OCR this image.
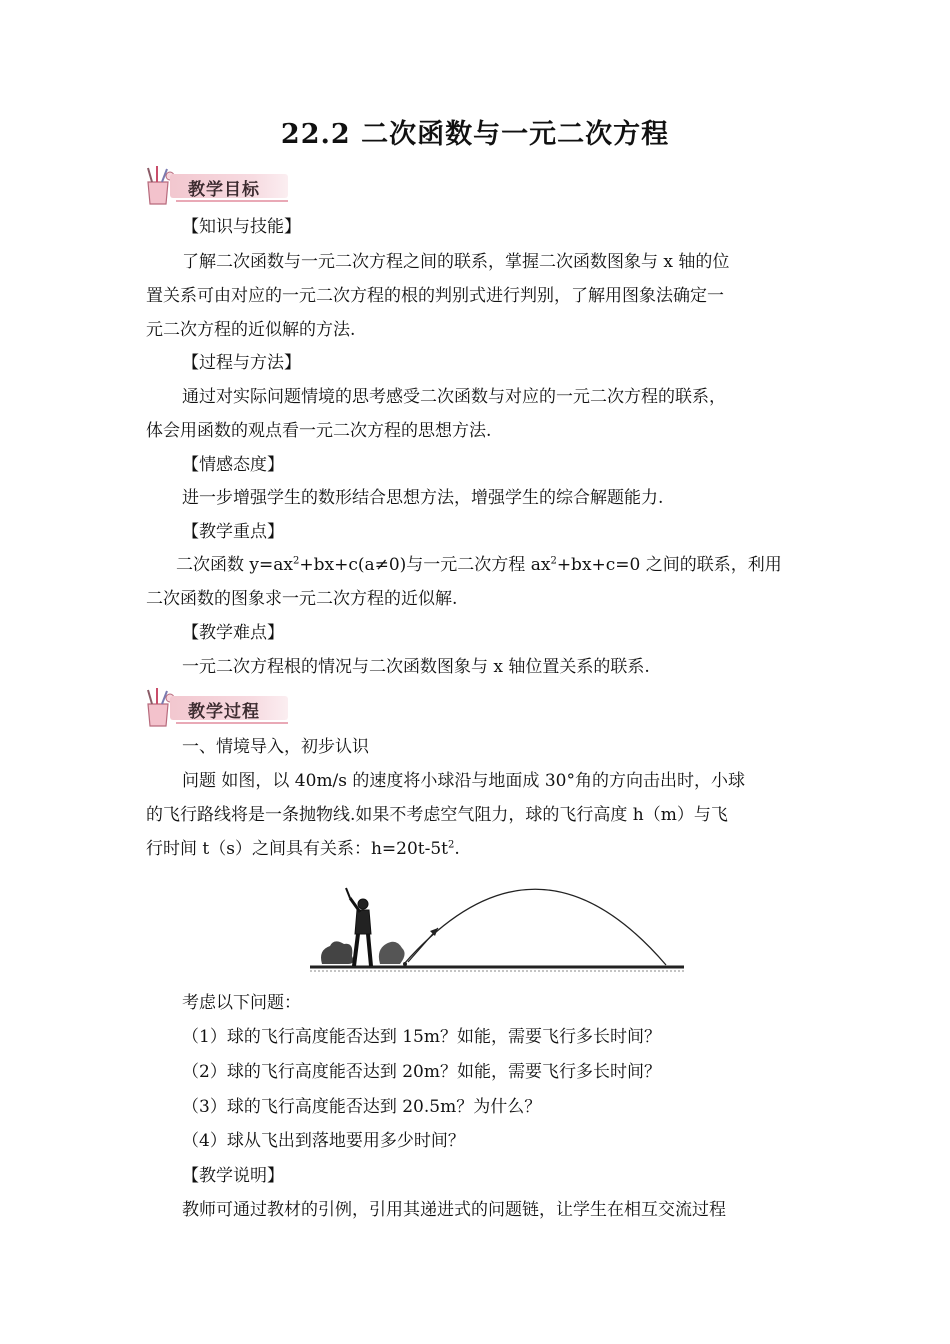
22.2 二次函数与一元二次方程
教学目标
【知识与技能】
了解二次函数与一元二次方程之间的联系，掌握二次函数图象与 x 轴的位
置关系可由对应的一元二次方程的根的判别式进行判别，了解用图象法确定一
元二次方程的近似解的方法.
【过程与方法】
通过对实际问题情境的思考感受二次函数与对应的一元二次方程的联系，
体会用函数的观点看一元二次方程的思想方法.
【情感态度】
进一步增强学生的数形结合思想方法，增强学生的综合解题能力.
【教学重点】
二次函数 $y=ax^2+bx+c(a\ne 0)$与一元二次方程 $ax^2+bx+c=0$ 之间的联系，利用
二次函数的图象求一元二次方程的近似解.
【教学难点】
一元二次方程根的情况与二次函数图象与 x 轴位置关系的联系.
教学过程
一、情境导入，初步认识
问题 如图，以 40m/s 的速度将小球沿与地面成 30°角的方向击出时，小球
的飞行路线将是一条抛物线.如果不考虑空气阻力，球的飞行高度 h（m）与飞
行时间 t（s）之间具有关系：$h=20t-5t^2$.
考虑以下问题：
（1）球的飞行高度能否达到 15m？如能，需要飞行多长时间？
（2）球的飞行高度能否达到 20m？如能，需要飞行多长时间？
（3）球的飞行高度能否达到 20.5m？为什么？
（4）球从飞出到落地要用多少时间？
【教学说明】
教师可通过教材的引例，引用其递进式的问题链，让学生在相互交流过程
